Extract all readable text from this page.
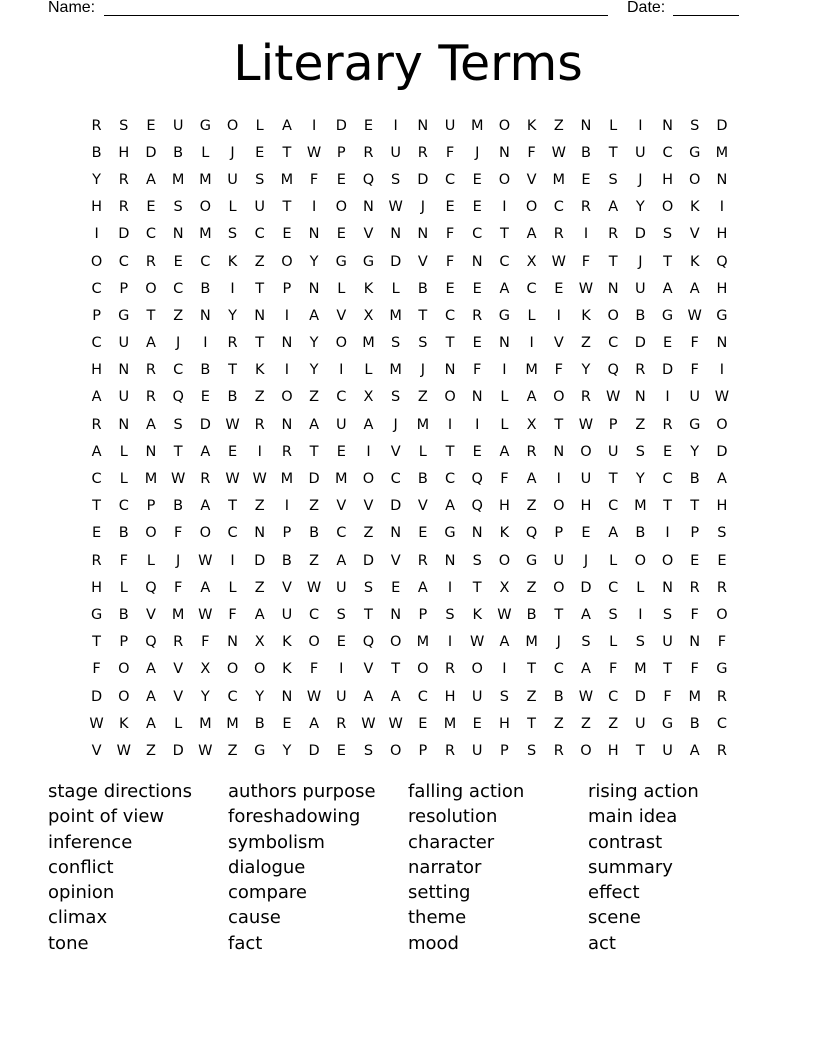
Name:	Date:
Literary Terms
R	S	E	U	G	O	L	A	I	D	E	I	N	U	M	O	K	Z	N	L	I	N	S	D
B	H	D	B	L	J	E	T	W	P	R	U	R	F	J	N	F	W	B	T	U	C	G	M
Y	R	A	M	M	U	S	M	F	E	Q	S	D	C	E	O	V	M	E	S	J	H	O	N
H	R	E	S	O	L	U	T	I	O	N	W	J	E	E	I	O	C	R	A	Y	O	K	I
I	D	C	N	M	S	C	E	N	E	V	N	N	F	C	T	A	R	I	R	D	S	V	H
O	C	R	E	C	K	Z	O	Y	G	G	D	V	F	N	C	X	W	F	T	J	T	K	Q
C	P	O	C	B	I	T	P	N	L	K	L	B	E	E	A	C	E	W	N	U	A	A	H
P	G	T	Z	N	Y	N	I	A	V	X	M	T	C	R	G	L	I	K	O	B	G W G
C	U	A	J	I	R	T	N	Y	O	M	S	S	T	E	N	I	V	Z	C	D	E	F	N
H	N	R	C	B	T	K	I	Y	I	L	M	J	N	F	I	M	F	Y	Q	R	D	F	I
A	U	R	Q	E	B	Z	O	Z	C	X	S	Z	O	N	L	A	O	R	W	N	I	U	W
R	N	A	S	D W	R	N	A	U	A	J	M	I	I	L	X	T	W	P	Z	R	G	O
A	L	N	T	A	E	I	R	T	E	I	V	L	T	E	A	R	N	O	U	S	E	Y	D
C	L	M W	R	W W M	D	M	O	C	B	C	Q	F	A	I	U	T	Y	C	B	A
T	C	P	B	A	T	Z	I	Z	V	V	D	V	A	Q	H	Z	O	H	C	M	T	T	H
E	B	O	F	O	C	N	P	B	C	Z	N	E	G	N	K	Q	P	E	A	B	I	P	S
R	F	L	J	W	I	D	B	Z	A	D	V	R	N	S	O	G	U	J	L	O	O	E	E
H	L	Q	F	A	L	Z	V	W	U	S	E	A	I	T	X	Z	O	D	C	L	N	R	R
G	B	V	M W	F	A	U	C	S	T	N	P	S	K	W	B	T	A	S	I	S	F	O
T	P	Q	R	F	N	X	K	O	E	Q	O	M	I	W	A	M	J	S	L	S	U	N	F
F	O	A	V	X	O	O	K	F	I	V	T	O	R	O	I	T	C	A	F	M	T	F	G
D	O	A	V	Y	C	Y	N	W	U	A	A	C	H	U	S	Z	B	W	C	D	F	M	R
W	K	A	L	M	M	B	E	A	R	W W	E	M	E	H	T	Z	Z	Z	U	G	B	C
V	W	Z	D W	Z	G	Y	D	E	S	O	P	R	U	P	S	R	O	H	T	U	A	R
stage directions	authors purpose	falling action	rising action
point of view	foreshadowing	resolution	main idea
inference	symbolism	character	contrast
conflict	dialogue	narrator	summary
opinion	compare	setting	effect
climax	cause	theme	scene
tone	fact	mood	act
